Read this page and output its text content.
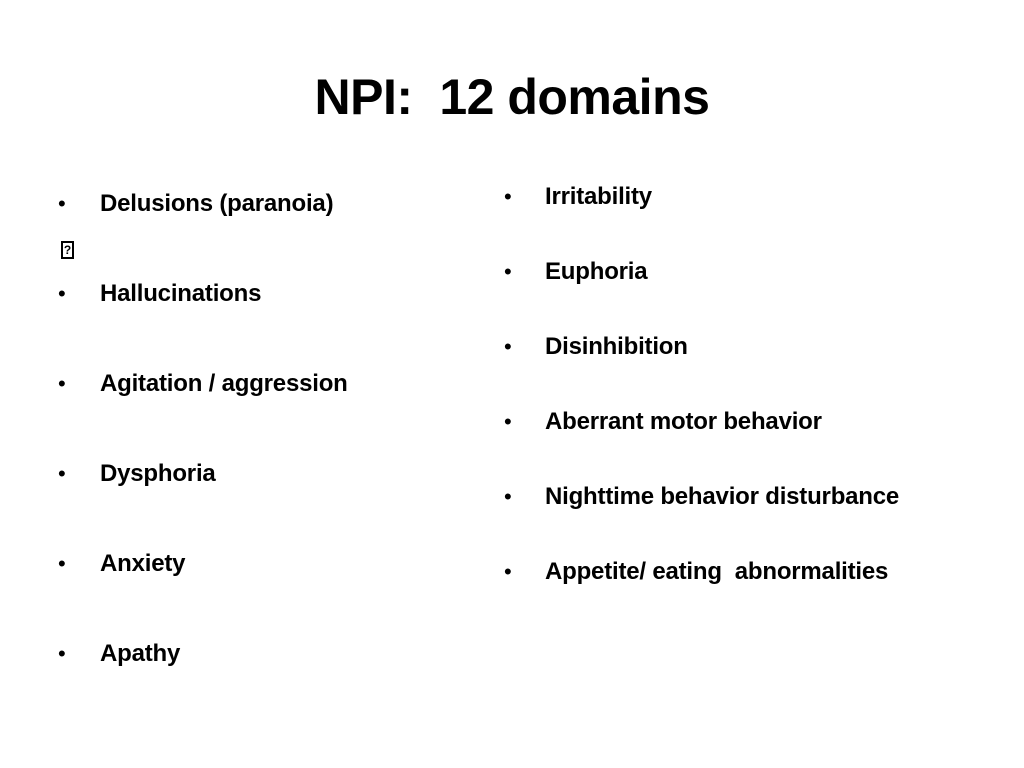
NPI:  12 domains
• Delusions (paranoia)
?
• Hallucinations
• Agitation / aggression
• Dysphoria
• Anxiety
• Apathy
• Irritability
• Euphoria
• Disinhibition
• Aberrant motor behavior
• Nighttime behavior disturbance
• Appetite/ eating  abnormalities
